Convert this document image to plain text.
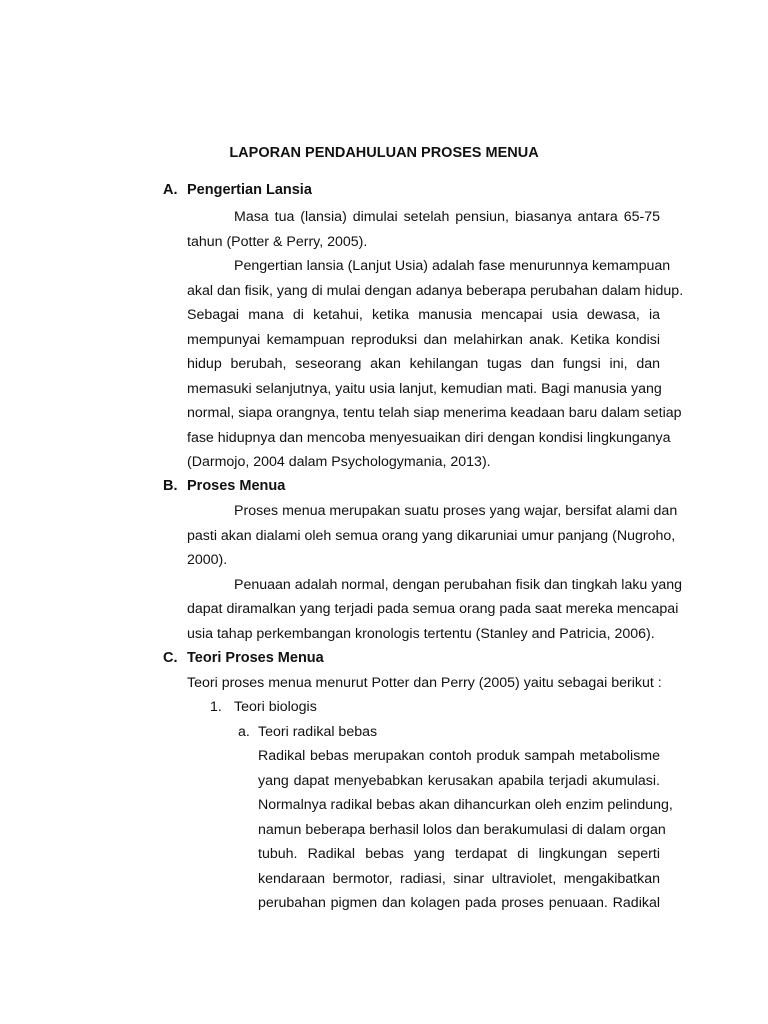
LAPORAN PENDAHULUAN PROSES MENUA
A. Pengertian Lansia
Masa tua (lansia) dimulai setelah pensiun, biasanya antara 65-75
tahun (Potter & Perry, 2005).
Pengertian lansia (Lanjut Usia) adalah fase menurunnya kemampuan
akal dan fisik, yang di mulai dengan adanya beberapa perubahan dalam hidup.
Sebagai mana di ketahui, ketika manusia mencapai usia dewasa, ia
mempunyai kemampuan reproduksi dan melahirkan anak. Ketika kondisi
hidup berubah, seseorang akan kehilangan tugas dan fungsi ini, dan
memasuki selanjutnya, yaitu usia lanjut, kemudian mati. Bagi manusia yang
normal, siapa orangnya, tentu telah siap menerima keadaan baru dalam setiap
fase hidupnya dan mencoba menyesuaikan diri dengan kondisi lingkunganya
(Darmojo, 2004 dalam Psychologymania, 2013).
B. Proses Menua
Proses menua merupakan suatu proses yang wajar, bersifat alami dan
pasti akan dialami oleh semua orang yang dikaruniai umur panjang (Nugroho,
2000).
Penuaan adalah normal, dengan perubahan fisik dan tingkah laku yang
dapat diramalkan yang terjadi pada semua orang pada saat mereka mencapai
usia tahap perkembangan kronologis tertentu (Stanley and Patricia, 2006).
C. Teori Proses Menua
Teori proses menua menurut Potter dan Perry (2005) yaitu sebagai berikut :
1. Teori biologis
a. Teori radikal bebas
Radikal bebas merupakan contoh produk sampah metabolisme
yang dapat menyebabkan kerusakan apabila terjadi akumulasi.
Normalnya radikal bebas akan dihancurkan oleh enzim pelindung,
namun beberapa berhasil lolos dan berakumulasi di dalam organ
tubuh. Radikal bebas yang terdapat di lingkungan seperti
kendaraan bermotor, radiasi, sinar ultraviolet, mengakibatkan
perubahan pigmen dan kolagen pada proses penuaan. Radikal
